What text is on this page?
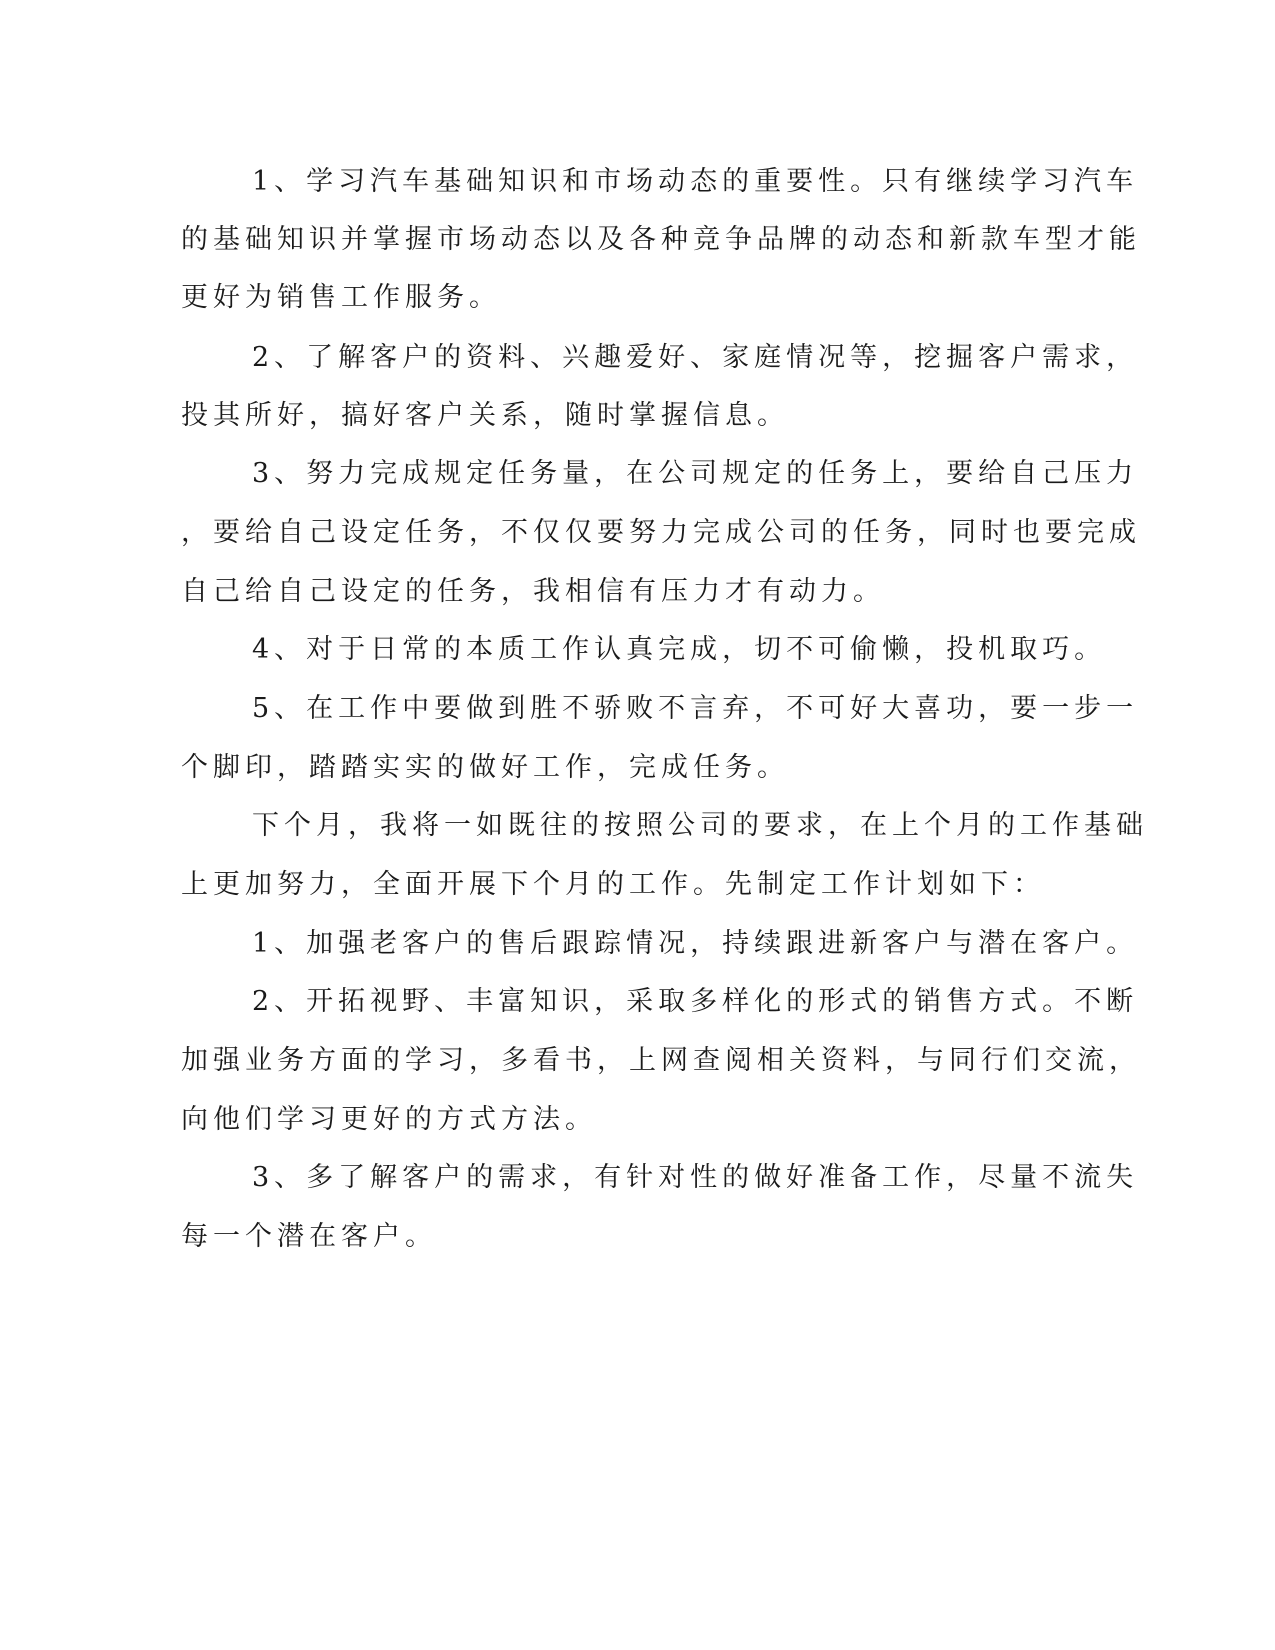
1、学习汽车基础知识和市场动态的重要性。只有继续学习汽车
的基础知识并掌握市场动态以及各种竞争品牌的动态和新款车型才能
更好为销售工作服务。
2、了解客户的资料、兴趣爱好、家庭情况等，挖掘客户需求，
投其所好，搞好客户关系，随时掌握信息。
3、努力完成规定任务量，在公司规定的任务上，要给自己压力
，要给自己设定任务，不仅仅要努力完成公司的任务，同时也要完成
自己给自己设定的任务，我相信有压力才有动力。
4、对于日常的本质工作认真完成，切不可偷懒，投机取巧。
5、在工作中要做到胜不骄败不言弃，不可好大喜功，要一步一
个脚印，踏踏实实的做好工作，完成任务。
下个月，我将一如既往的按照公司的要求，在上个月的工作基础
上更加努力，全面开展下个月的工作。先制定工作计划如下：
1、加强老客户的售后跟踪情况，持续跟进新客户与潜在客户。
2、开拓视野、丰富知识，采取多样化的形式的销售方式。不断
加强业务方面的学习，多看书，上网查阅相关资料，与同行们交流，
向他们学习更好的方式方法。
3、多了解客户的需求，有针对性的做好准备工作，尽量不流失
每一个潜在客户。
